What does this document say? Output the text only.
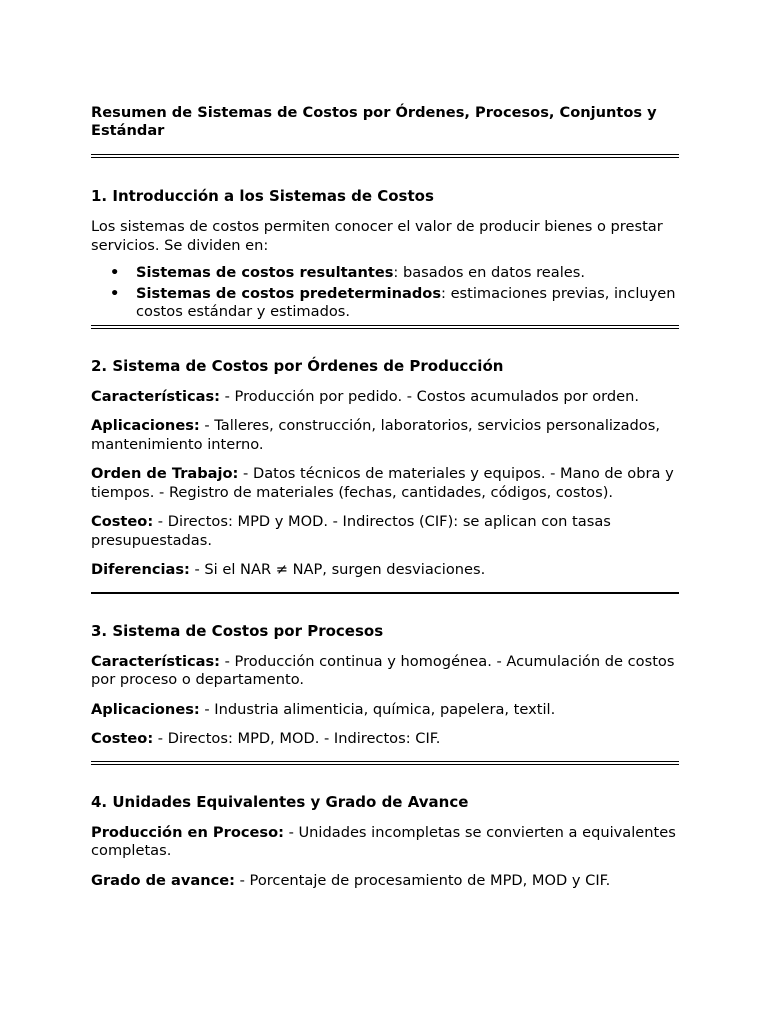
Resumen de Sistemas de Costos por Órdenes, Procesos, Conjuntos y Estándar
1. Introducción a los Sistemas de Costos

Los sistemas de costos permiten conocer el valor de producir bienes o prestar servicios. Se dividen en:

• Sistemas de costos resultantes: basados en datos reales.
• Sistemas de costos predeterminados: estimaciones previas, incluyen costos estándar y estimados.
2. Sistema de Costos por Órdenes de Producción

Características: - Producción por pedido. - Costos acumulados por orden.

Aplicaciones: - Talleres, construcción, laboratorios, servicios personalizados, mantenimiento interno.

Orden de Trabajo: - Datos técnicos de materiales y equipos. - Mano de obra y tiempos. - Registro de materiales (fechas, cantidades, códigos, costos).

Costeo: - Directos: MPD y MOD. - Indirectos (CIF): se aplican con tasas presupuestadas.

Diferencias: - Si el NAR ≠ NAP, surgen desviaciones.

3. Sistema de Costos por Procesos

Características: - Producción continua y homogénea. - Acumulación de costos por proceso o departamento.

Aplicaciones: - Industria alimenticia, química, papelera, textil.

Costeo: - Directos: MPD, MOD. - Indirectos: CIF.

4. Unidades Equivalentes y Grado de Avance

Producción en Proceso: - Unidades incompletas se convierten a equivalentes completas.

Grado de avance: - Porcentaje de procesamiento de MPD, MOD y CIF.
